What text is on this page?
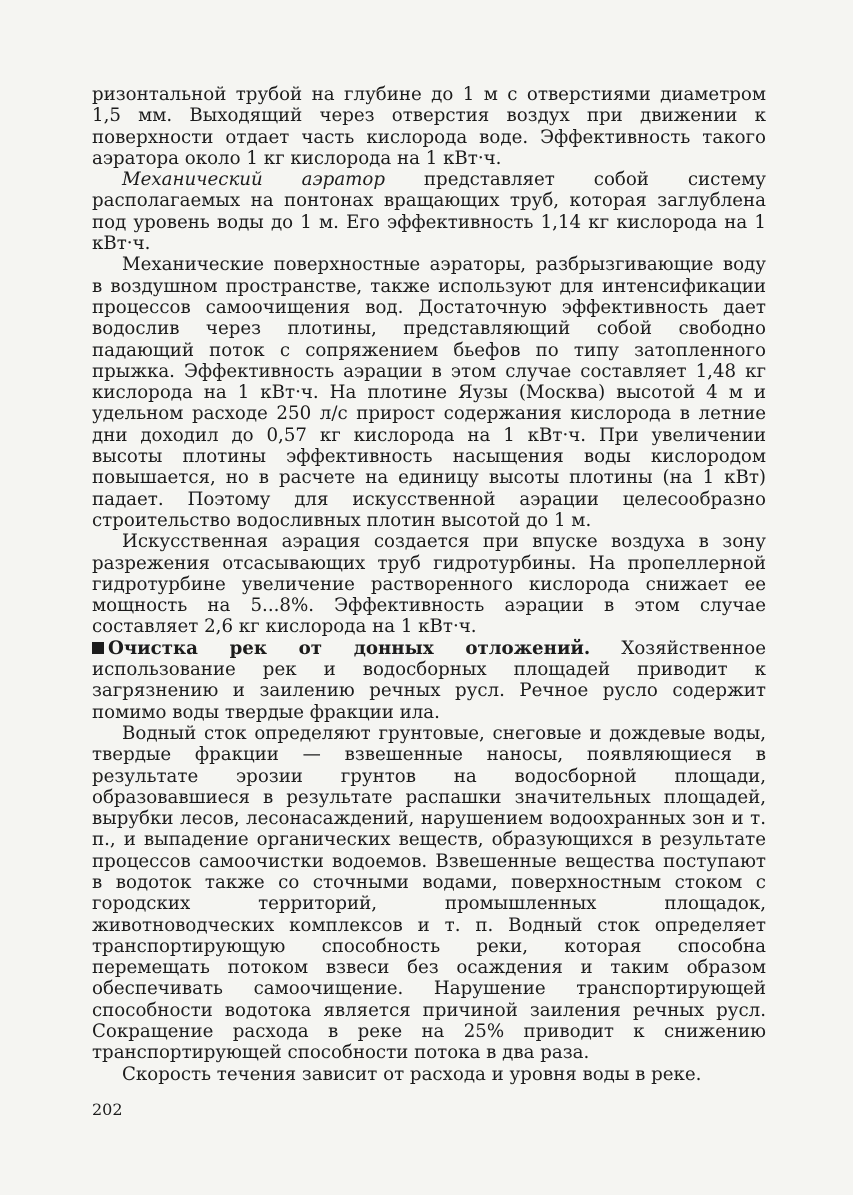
ризонтальной трубой на глубине до 1 м с отверстиями диаметром 1,5 мм. Выходящий через отверстия воздух при движении к поверхности отдает часть кислорода воде. Эффективность такого аэратора около 1 кг кислорода на 1 кВт·ч.

Механический аэратор представляет собой систему располагаемых на понтонах вращающих труб, которая заглублена под уровень воды до 1 м. Его эффективность 1,14 кг кислорода на 1 кВт·ч.

Механические поверхностные аэраторы, разбрызгивающие воду в воздушном пространстве, также используют для интенсификации процессов самоочищения вод. Достаточную эффективность дает водослив через плотины, представляющий собой свободно падающий поток с сопряжением бьефов по типу затопленного прыжка. Эффективность аэрации в этом случае составляет 1,48 кг кислорода на 1 кВт·ч. На плотине Яузы (Москва) высотой 4 м и удельном расходе 250 л/с прирост содержания кислорода в летние дни доходил до 0,57 кг кислорода на 1 кВт·ч. При увеличении высоты плотины эффективность насыщения воды кислородом повышается, но в расчете на единицу высоты плотины (на 1 кВт) падает. Поэтому для искусственной аэрации целесообразно строительство водосливных плотин высотой до 1 м.

Искусственная аэрация создается при впуске воздуха в зону разрежения отсасывающих труб гидротурбины. На пропеллерной гидротурбине увеличение растворенного кислорода снижает ее мощность на 5...8%. Эффективность аэрации в этом случае составляет 2,6 кг кислорода на 1 кВт·ч.

Очистка рек от донных отложений. Хозяйственное использование рек и водосборных площадей приводит к загрязнению и заилению речных русл. Речное русло содержит помимо воды твердые фракции ила.

Водный сток определяют грунтовые, снеговые и дождевые воды, твердые фракции — взвешенные наносы, появляющиеся в результате эрозии грунтов на водосборной площади, образовавшиеся в результате распашки значительных площадей, вырубки лесов, лесонасаждений, нарушением водоохранных зон и т. п., и выпадение органических веществ, образующихся в результате процессов самоочистки водоемов. Взвешенные вещества поступают в водоток также со сточными водами, поверхностным стоком с городских территорий, промышленных площадок, животноводческих комплексов и т. п. Водный сток определяет транспортирующую способность реки, которая способна перемещать потоком взвеси без осаждения и таким образом обеспечивать самоочищение. Нарушение транспортирующей способности водотока является причиной заиления речных русл. Сокращение расхода в реке на 25% приводит к снижению транспортирующей способности потока в два раза.

Скорость течения зависит от расхода и уровня воды в реке.

202
